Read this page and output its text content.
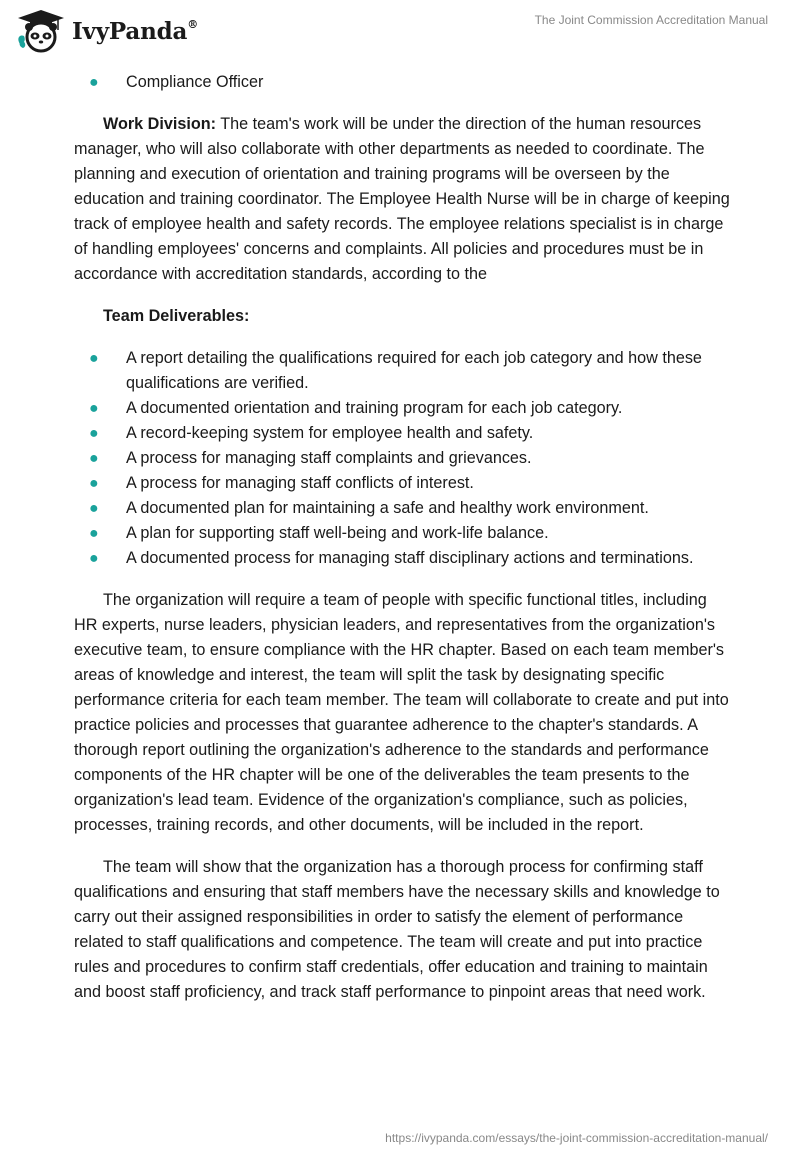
IvyPanda®	The Joint Commission Accreditation Manual
● Compliance Officer

Work Division: The team's work will be under the direction of the human resources manager, who will also collaborate with other departments as needed to coordinate. The planning and execution of orientation and training programs will be overseen by the education and training coordinator. The Employee Health Nurse will be in charge of keeping track of employee health and safety records. The employee relations specialist is in charge of handling employees' concerns and complaints. All policies and procedures must be in accordance with accreditation standards, according to the

Team Deliverables:

● A report detailing the qualifications required for each job category and how these qualifications are verified.
● A documented orientation and training program for each job category.
● A record-keeping system for employee health and safety.
● A process for managing staff complaints and grievances.
● A process for managing staff conflicts of interest.
● A documented plan for maintaining a safe and healthy work environment.
● A plan for supporting staff well-being and work-life balance.
● A documented process for managing staff disciplinary actions and terminations.

The organization will require a team of people with specific functional titles, including HR experts, nurse leaders, physician leaders, and representatives from the organization's executive team, to ensure compliance with the HR chapter. Based on each team member's areas of knowledge and interest, the team will split the task by designating specific performance criteria for each team member. The team will collaborate to create and put into practice policies and processes that guarantee adherence to the chapter's standards. A thorough report outlining the organization's adherence to the standards and performance components of the HR chapter will be one of the deliverables the team presents to the organization's lead team. Evidence of the organization's compliance, such as policies, processes, training records, and other documents, will be included in the report.

The team will show that the organization has a thorough process for confirming staff qualifications and ensuring that staff members have the necessary skills and knowledge to carry out their assigned responsibilities in order to satisfy the element of performance related to staff qualifications and competence. The team will create and put into practice rules and procedures to confirm staff credentials, offer education and training to maintain and boost staff proficiency, and track staff performance to pinpoint areas that need work.

https://ivypanda.com/essays/the-joint-commission-accreditation-manual/
